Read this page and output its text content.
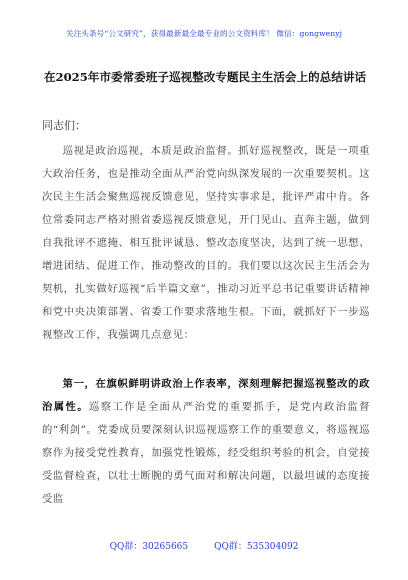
关注头条号“公文研究”，获得最新最全最专业的公文资料库！ 微信：gongwenyj
在2025年市委常委班子巡视整改专题民主生活会上的总结讲话
同志们：
巡视是政治巡视，本质是政治监督。抓好巡视整改，既是一项重大政治任务，也是推动全面从严治党向纵深发展的一次重要契机。这次民主生活会聚焦巡视反馈意见，坚持实事求是，批评严肃中肯。各位常委同志严格对照省委巡视反馈意见，开门见山、直奔主题，做到自我批评不遮掩、相互批评诚恳、整改态度坚决，达到了统一思想、增进团结、促进工作、推动整改的目的。我们要以这次民主生活会为契机，扎实做好巡视“后半篇文章”，推动习近平总书记重要讲话精神和党中央决策部署、省委工作要求落地生根。下面，就抓好下一步巡视整改工作，我强调几点意见：
第一，在旗帜鲜明讲政治上作表率，深刻理解把握巡视整改的政治属性。巡察工作是全面从严治党的重要抓手，是党内政治监督的“利剑”。党委成员要深刻认识巡视巡察工作的重要意义，将巡视巡察作为接受党性教育，加强党性锻炼，经受组织考验的机会，自觉接受监督检查，以壮士断腕的勇气面对和解决问题，以最坦诚的态度接受监
QQ群：30265665	QQ群：535304092
